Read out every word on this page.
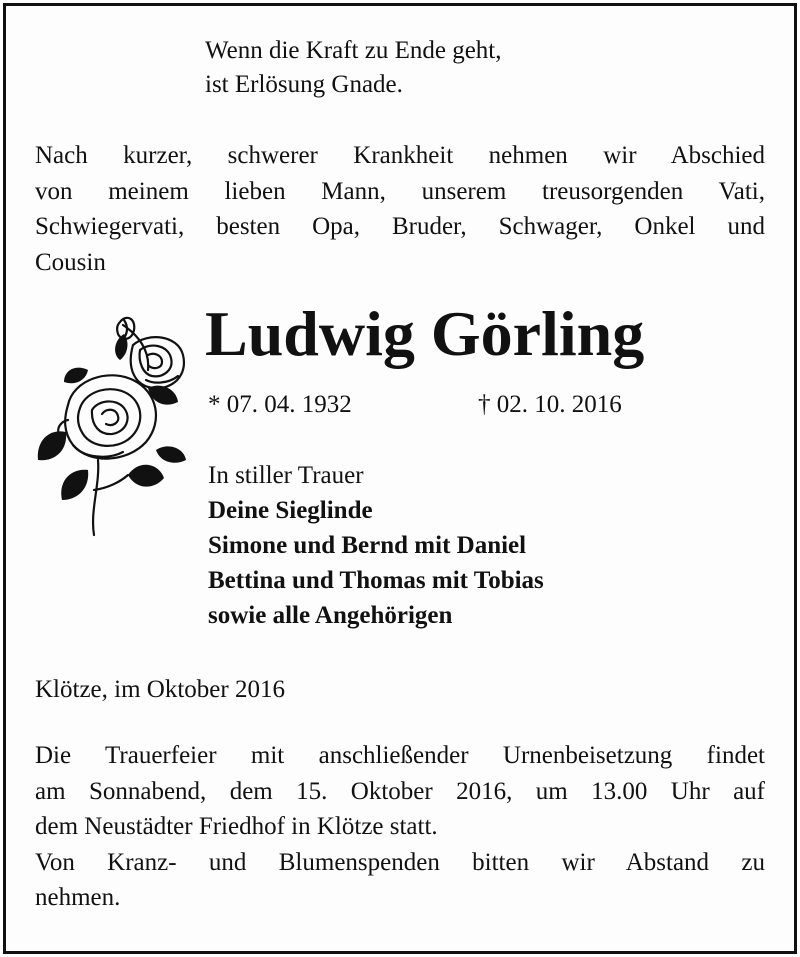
Wenn die Kraft zu Ende geht,
ist Erlösung Gnade.
Nach kurzer, schwerer Krankheit nehmen wir Abschied
von meinem lieben Mann, unserem treusorgenden Vati,
Schwiegervati, besten Opa, Bruder, Schwager, Onkel und
Cousin
Ludwig Görling
* 07. 04. 1932	† 02. 10. 2016
In stiller Trauer
Deine Sieglinde
Simone und Bernd mit Daniel
Bettina und Thomas mit Tobias
sowie alle Angehörigen
Klötze, im Oktober 2016
Die Trauerfeier mit anschließender Urnenbeisetzung findet
am Sonnabend, dem 15. Oktober 2016, um 13.00 Uhr auf
dem Neustädter Friedhof in Klötze statt.
Von Kranz- und Blumenspenden bitten wir Abstand zu
nehmen.
